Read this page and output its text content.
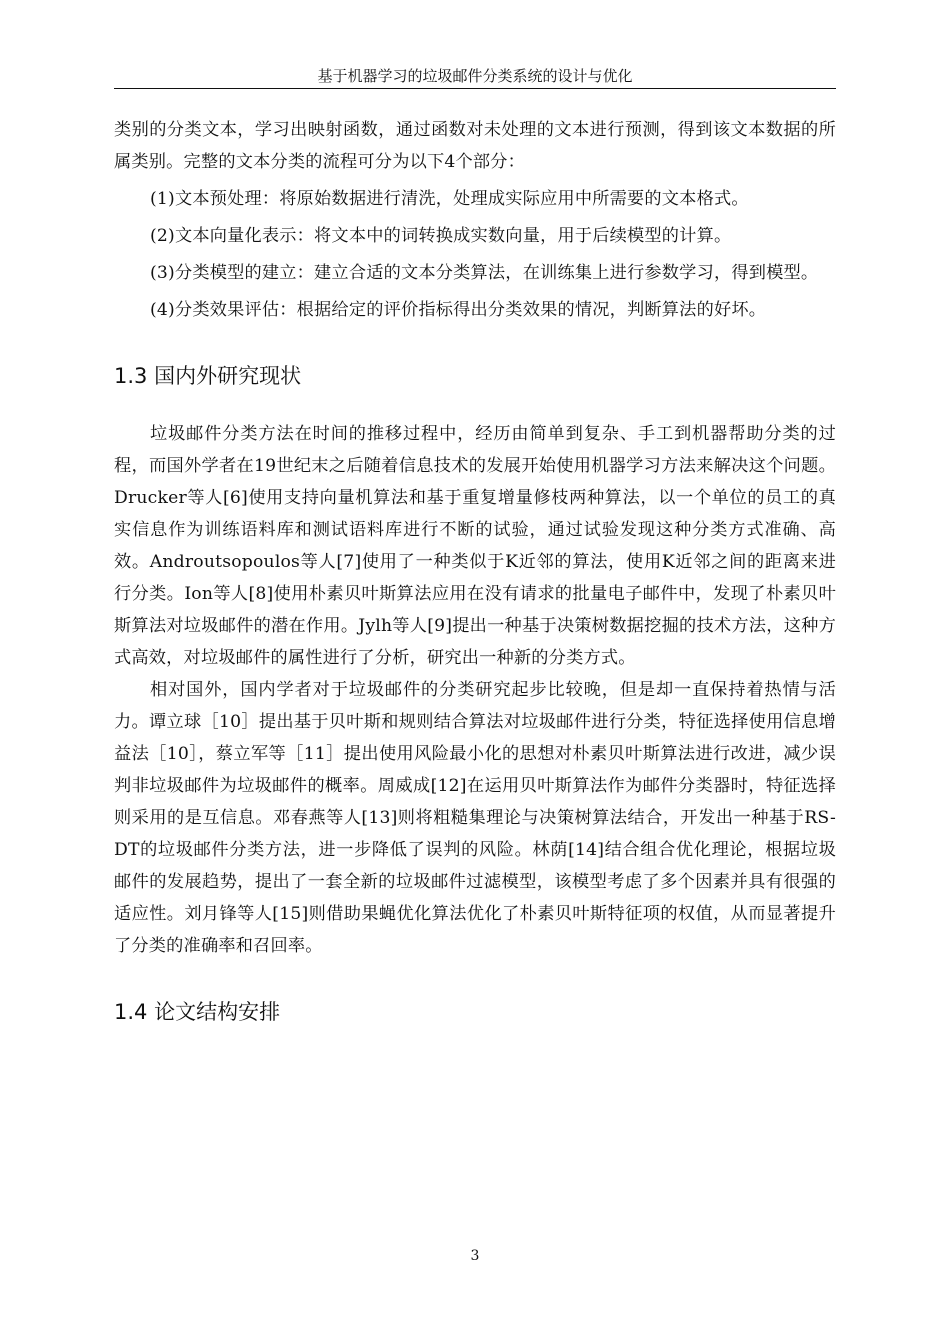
基于机器学习的垃圾邮件分类系统的设计与优化

类别的分类文本，学习出映射函数，通过函数对未处理的文本进行预测，得到该文本数据的所属类别。完整的文本分类的流程可分为以下4个部分：

(1)文本预处理：将原始数据进行清洗，处理成实际应用中所需要的文本格式。

(2)文本向量化表示：将文本中的词转换成实数向量，用于后续模型的计算。

(3)分类模型的建立：建立合适的文本分类算法，在训练集上进行参数学习，得到模型。

(4)分类效果评估：根据给定的评价指标得出分类效果的情况，判断算法的好坏。

1.3 国内外研究现状

垃圾邮件分类方法在时间的推移过程中，经历由简单到复杂、手工到机器帮助分类的过程，而国外学者在19世纪末之后随着信息技术的发展开始使用机器学习方法来解决这个问题。Drucker等人[6]使用支持向量机算法和基于重复增量修枝两种算法，以一个单位的员工的真实信息作为训练语料库和测试语料库进行不断的试验，通过试验发现这种分类方式准确、高效。Androutsopoulos等人[7]使用了一种类似于K近邻的算法，使用K近邻之间的距离来进行分类。Ion等人[8]使用朴素贝叶斯算法应用在没有请求的批量电子邮件中，发现了朴素贝叶斯算法对垃圾邮件的潜在作用。Jylh等人[9]提出一种基于决策树数据挖掘的技术方法，这种方式高效，对垃圾邮件的属性进行了分析，研究出一种新的分类方式。

相对国外，国内学者对于垃圾邮件的分类研究起步比较晚，但是却一直保持着热情与活力。谭立球［10］提出基于贝叶斯和规则结合算法对垃圾邮件进行分类，特征选择使用信息增益法［10］，蔡立军等［11］提出使用风险最小化的思想对朴素贝叶斯算法进行改进，减少误判非垃圾邮件为垃圾邮件的概率。周威成[12]在运用贝叶斯算法作为邮件分类器时，特征选择则采用的是互信息。邓春燕等人[13]则将粗糙集理论与决策树算法结合，开发出一种基于RS-DT的垃圾邮件分类方法，进一步降低了误判的风险。林荫[14]结合组合优化理论，根据垃圾邮件的发展趋势，提出了一套全新的垃圾邮件过滤模型，该模型考虑了多个因素并具有很强的适应性。刘月锋等人[15]则借助果蝇优化算法优化了朴素贝叶斯特征项的权值，从而显著提升了分类的准确率和召回率。

1.4 论文结构安排
3
